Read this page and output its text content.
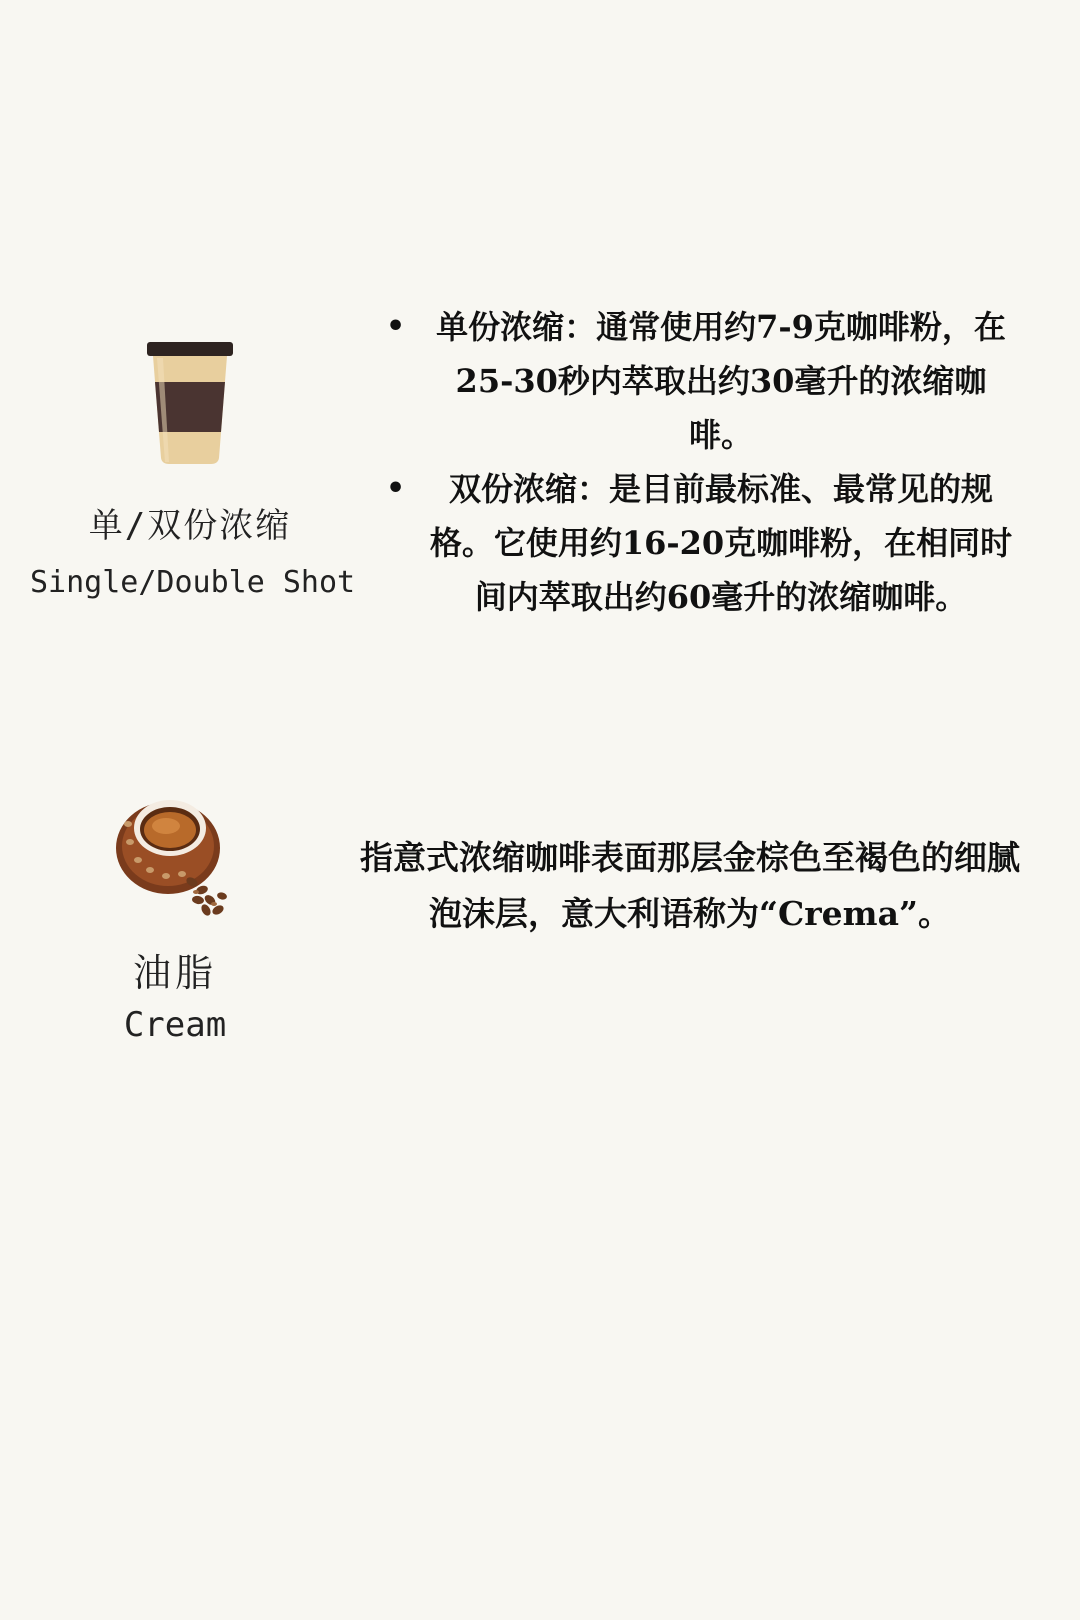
单/双份浓缩
Single/Double Shot
• 单份浓缩：通常使用约7-9克咖啡粉，在25-30秒内萃取出约30毫升的浓缩咖啡。
• 双份浓缩：是目前最标准、最常见的规格。它使用约16-20克咖啡粉，在相同时间内萃取出约60毫升的浓缩咖啡。
油脂
Cream
指意式浓缩咖啡表面那层金棕色至褐色的细腻泡沫层，意大利语称为“Crema”。
